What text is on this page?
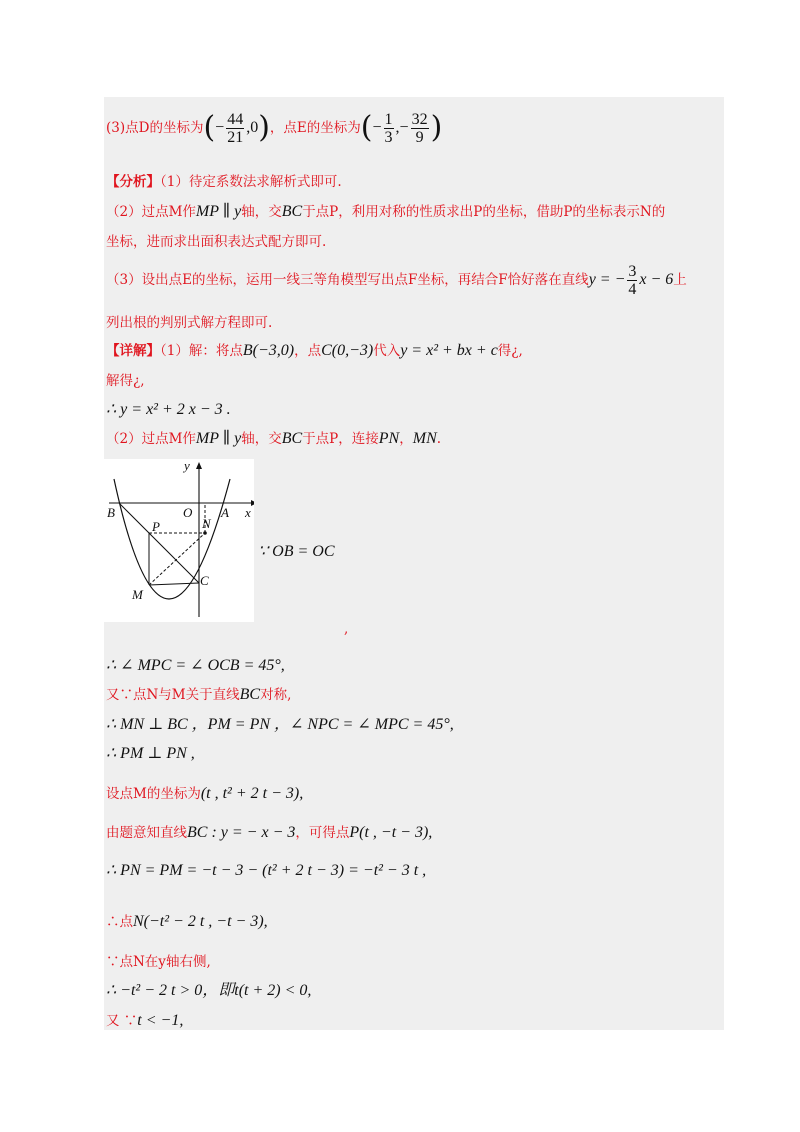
(3)点D的坐标为 ( − $\frac{44}{21} ,0$ ) ，点E的坐标为 ( − $\frac{1}{3}$ ,− $\frac{32}{9}$ )
【分析】（1）待定系数法求解析式即可.
（2）过点M作MP ∥ y轴，交BC于点P，利用对称的性质求出P的坐标，借助P的坐标表示N的
坐标，进而求出面积表达式配方即可.
（3）设出点E的坐标，运用一线三等角模型写出点F坐标，再结合F恰好落在直线 y = − $\frac{3}{4}$ x − 6 上
列出根的判别式解方程即可.
【详解】（1）解：将点B(−3,0)，点C(0,−3)代入y = x² + bx + c得¿,
解得¿,
∴ y = x² + 2 x − 3 .
（2）过点M作MP ∥ y轴，交BC于点P，连接PN，MN.
y
x
B	O A
P	N
C
M
∵ OB = OC
,
∴ ∠ MPC = ∠ OCB = 45°,
又∵点N与M关于直线BC对称,
∴ MN ⊥ BC ，PM = PN ，∠ NPC = ∠ MPC = 45°,
∴ PM ⊥ PN ,
设点M的坐标为(t , t² + 2 t − 3),
由题意知直线BC : y = − x − 3，可得点P(t , −t − 3),
∴ PN = PM = −t − 3 − (t² + 2 t − 3) = −t² − 3 t ,
∴点N(−t² − 2 t , −t − 3),
∵点N在y轴右侧,
∴ −t² − 2 t > 0，即t(t + 2) < 0,
又 ∵t < −1,
